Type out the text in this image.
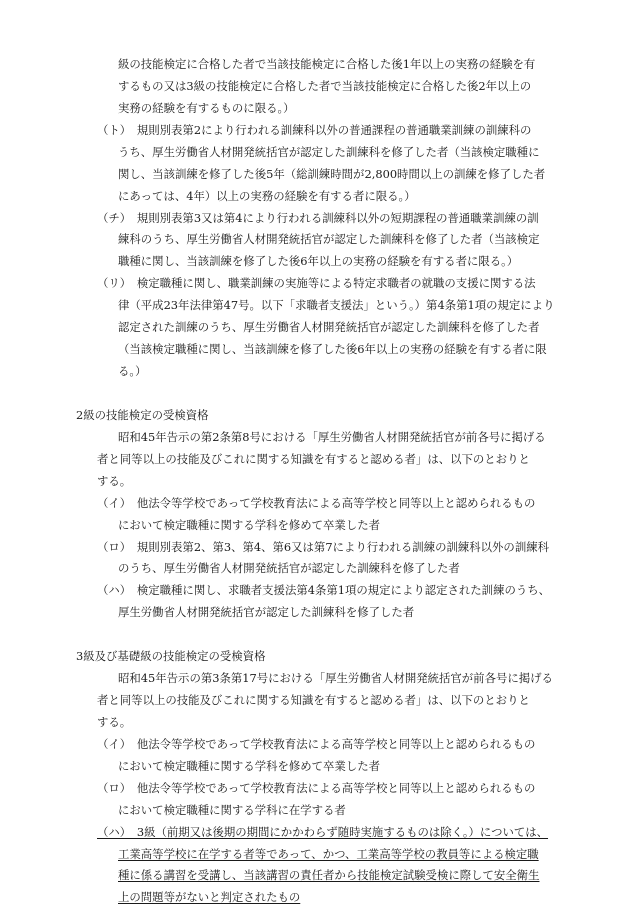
級の技能検定に合格した者で当該技能検定に合格した後1年以上の実務の経験を有
するもの又は3級の技能検定に合格した者で当該技能検定に合格した後2年以上の
実務の経験を有するものに限る。）
（ト）　規則別表第2により行われる訓練科以外の普通課程の普通職業訓練の訓練科の
うち、厚生労働省人材開発統括官が認定した訓練科を修了した者（当該検定職種に
関し、当該訓練を修了した後5年（総訓練時間が2,800時間以上の訓練を修了した者
にあっては、4年）以上の実務の経験を有する者に限る。）
（チ）　規則別表第3又は第4により行われる訓練科以外の短期課程の普通職業訓練の訓
練科のうち、厚生労働省人材開発統括官が認定した訓練科を修了した者（当該検定
職種に関し、当該訓練を修了した後6年以上の実務の経験を有する者に限る。）
（リ）　検定職種に関し、職業訓練の実施等による特定求職者の就職の支援に関する法
律（平成23年法律第47号。以下「求職者支援法」という。）第4条第1項の規定により
認定された訓練のうち、厚生労働省人材開発統括官が認定した訓練科を修了した者
（当該検定職種に関し、当該訓練を修了した後6年以上の実務の経験を有する者に限
る。）
2級の技能検定の受検資格
昭和45年告示の第2条第8号における「厚生労働省人材開発統括官が前各号に掲げる
者と同等以上の技能及びこれに関する知識を有すると認める者」は、以下のとおりと
する。
（イ）　他法令等学校であって学校教育法による高等学校と同等以上と認められるもの
において検定職種に関する学科を修めて卒業した者
（ロ）　規則別表第2、第3、第4、第6又は第7により行われる訓練の訓練科以外の訓練科
のうち、厚生労働省人材開発統括官が認定した訓練科を修了した者
（ハ）　検定職種に関し、求職者支援法第4条第1項の規定により認定された訓練のうち、
厚生労働省人材開発統括官が認定した訓練科を修了した者
3級及び基礎級の技能検定の受検資格
昭和45年告示の第3条第17号における「厚生労働省人材開発統括官が前各号に掲げる
者と同等以上の技能及びこれに関する知識を有すると認める者」は、以下のとおりと
する。
（イ）　他法令等学校であって学校教育法による高等学校と同等以上と認められるもの
において検定職種に関する学科を修めて卒業した者
（ロ）　他法令等学校であって学校教育法による高等学校と同等以上と認められるもの
において検定職種に関する学科に在学する者
（ハ）　3級（前期又は後期の期間にかかわらず随時実施するものは除く。）については、
工業高等学校に在学する者等であって、かつ、工業高等学校の教員等による検定職
種に係る講習を受講し、当該講習の責任者から技能検定試験受検に際して安全衛生
上の問題等がないと判定されたもの
